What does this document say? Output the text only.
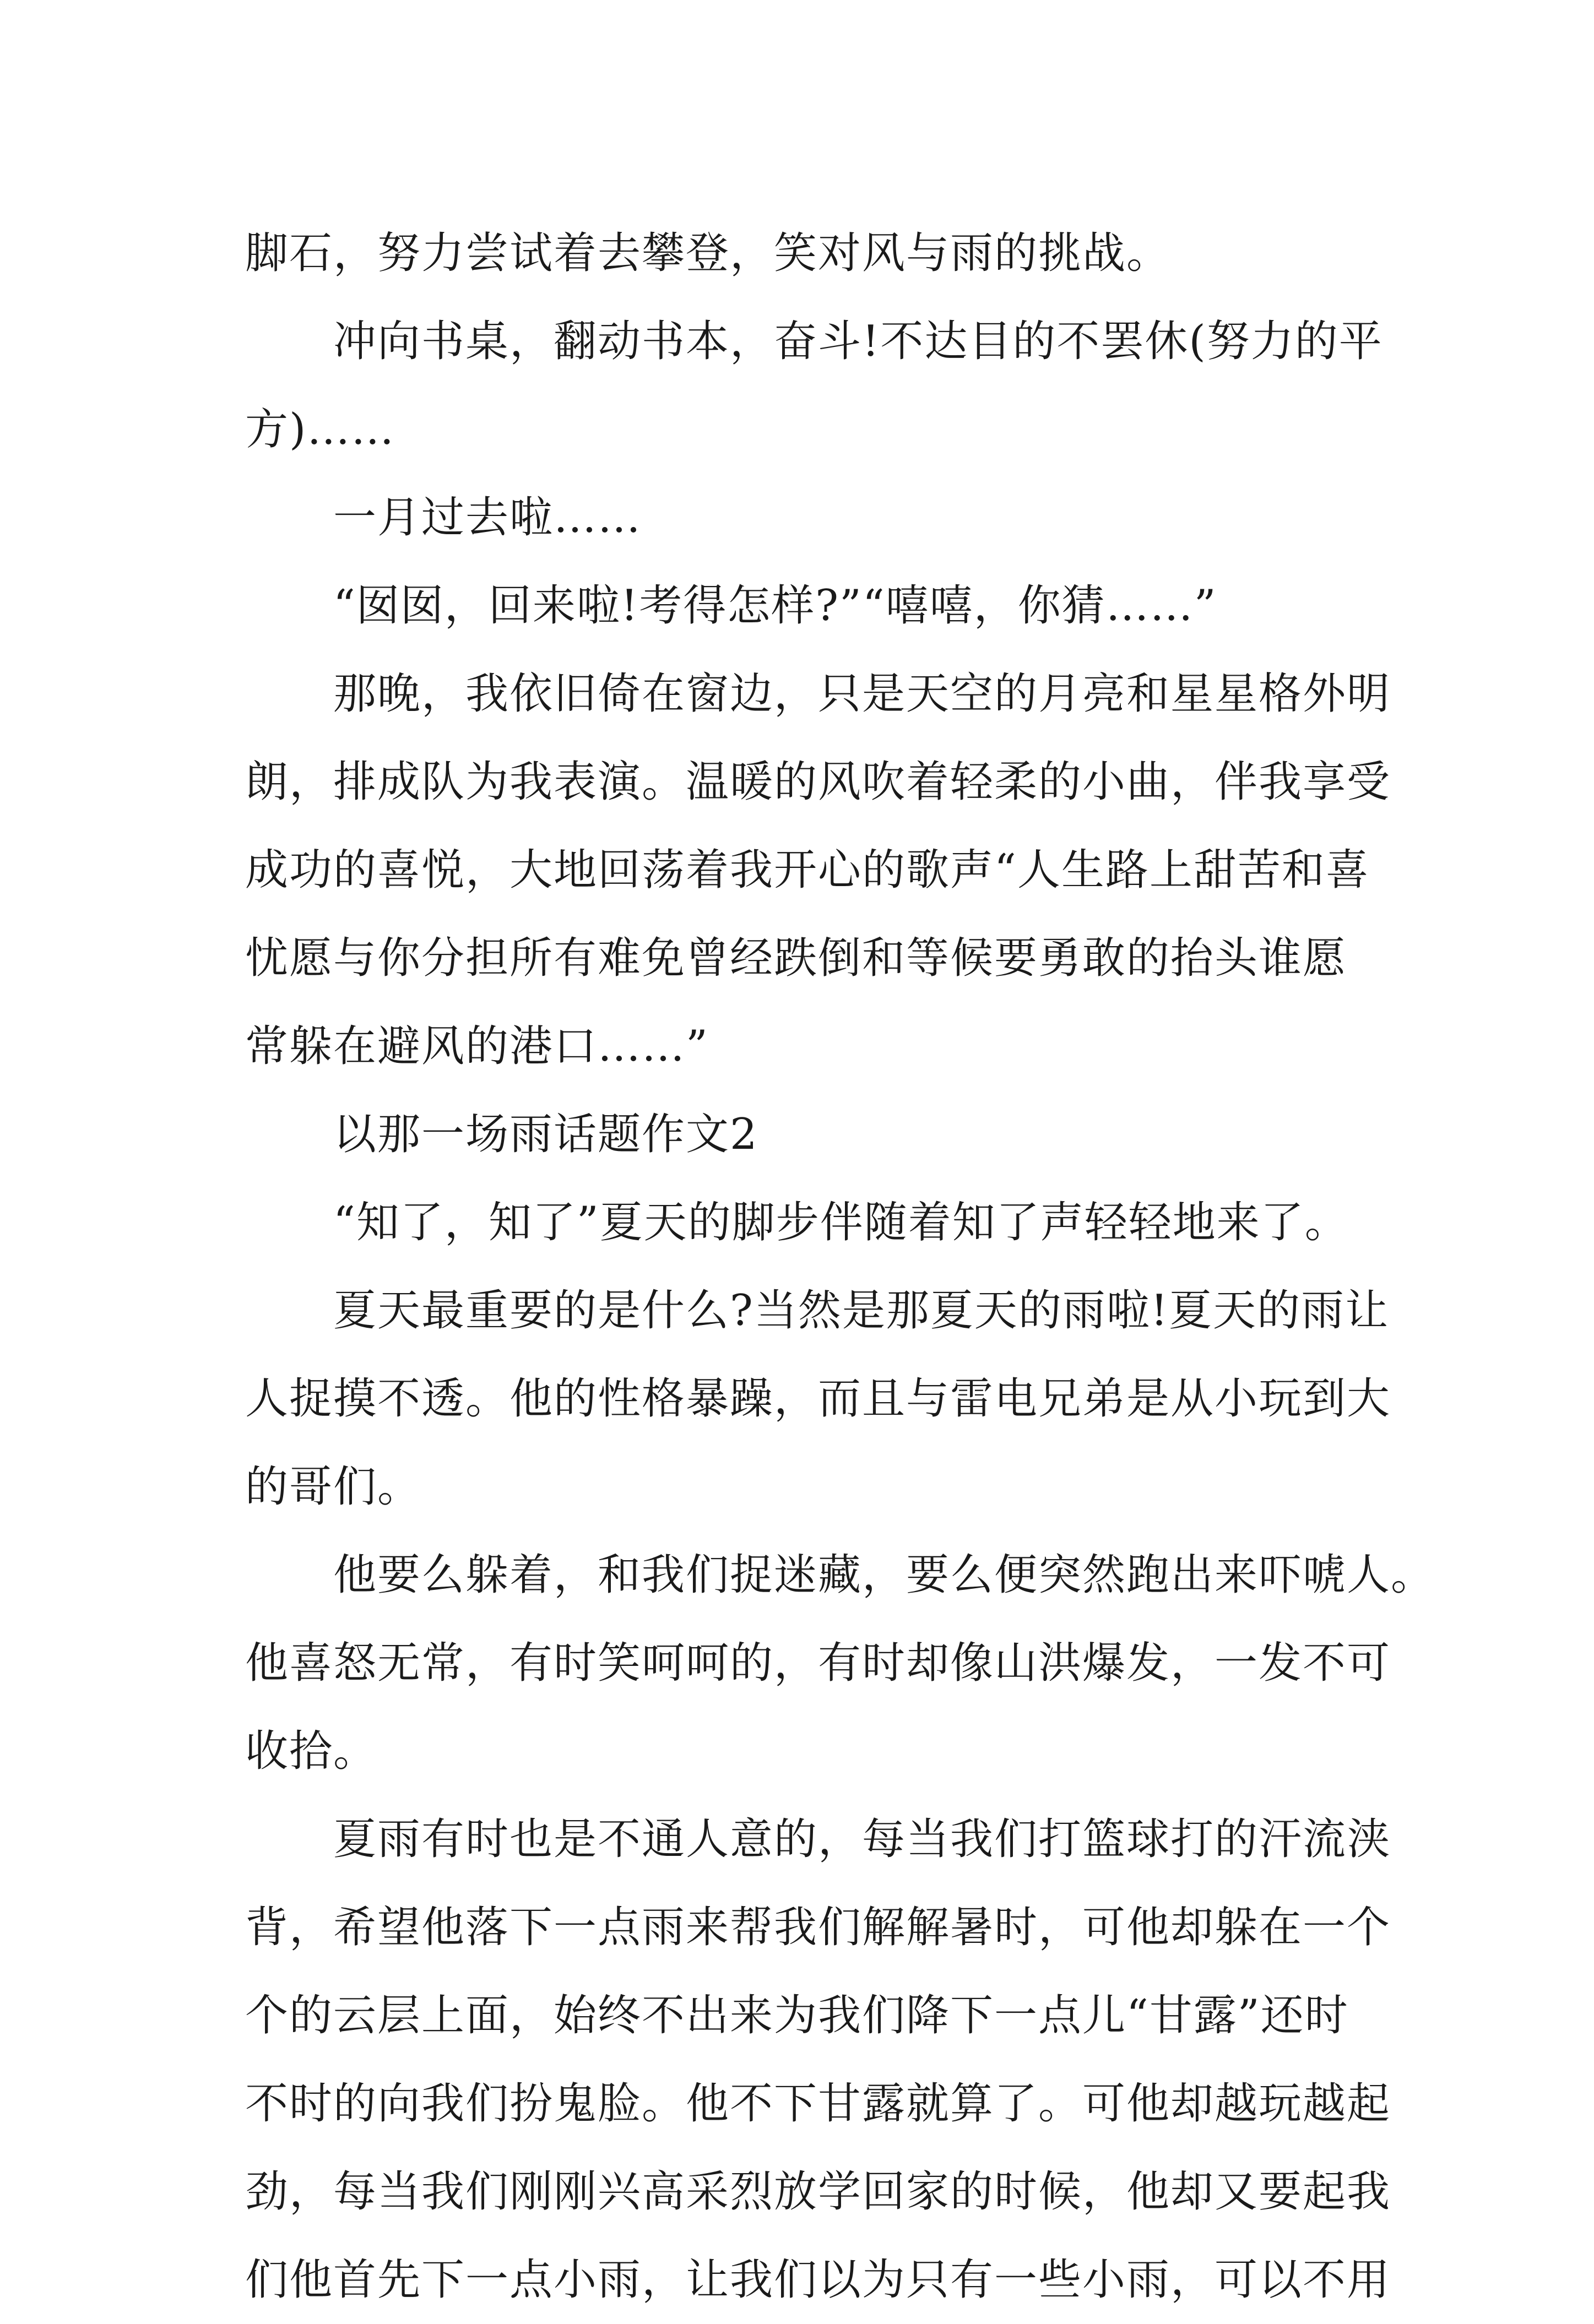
脚石，努力尝试着去攀登，笑对风与雨的挑战。
冲向书桌，翻动书本，奋斗!不达目的不罢休(努力的平
方)……
一月过去啦……
“囡囡，回来啦!考得怎样?”“嘻嘻，你猜……”
那晚，我依旧倚在窗边，只是天空的月亮和星星格外明
朗，排成队为我表演。温暖的风吹着轻柔的小曲，伴我享受
成功的喜悦，大地回荡着我开心的歌声“人生路上甜苦和喜
忧愿与你分担所有难免曾经跌倒和等候要勇敢的抬头谁愿
常躲在避风的港口……”
以那一场雨话题作文2
“知了，知了”夏天的脚步伴随着知了声轻轻地来了。
夏天最重要的是什么?当然是那夏天的雨啦!夏天的雨让
人捉摸不透。他的性格暴躁，而且与雷电兄弟是从小玩到大
的哥们。
他要么躲着，和我们捉迷藏，要么便突然跑出来吓唬人。
他喜怒无常，有时笑呵呵的，有时却像山洪爆发，一发不可
收拾。
夏雨有时也是不通人意的，每当我们打篮球打的汗流浃
背，希望他落下一点雨来帮我们解解暑时，可他却躲在一个
个的云层上面，始终不出来为我们降下一点儿“甘露”还时
不时的向我们扮鬼脸。他不下甘露就算了。可他却越玩越起
劲，每当我们刚刚兴高采烈放学回家的时候，他却又要起我
们他首先下一点小雨，让我们以为只有一些小雨，可以不用
